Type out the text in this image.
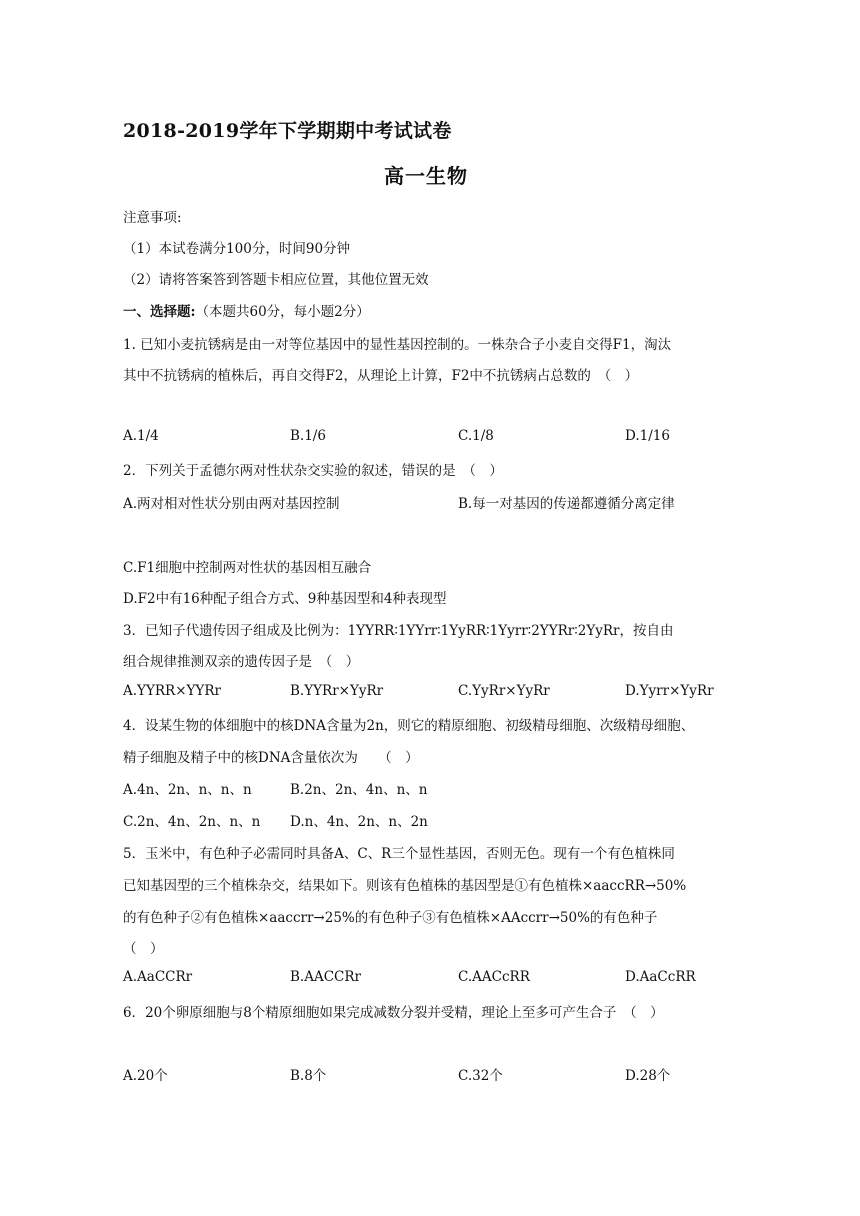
2018-2019学年下学期期中考试试卷
高一生物
注意事项:
（1）本试卷满分100分，时间90分钟
（2）请将答案答到答题卡相应位置，其他位置无效
一、选择题:（本题共60分，每小题2分）
1. 已知小麦抗锈病是由一对等位基因中的显性基因控制的。一株杂合子小麦自交得F1，淘汰
其中不抗锈病的植株后，再自交得F2，从理论上计算，F2中不抗锈病占总数的　（　）
A.1/4	B.1/6	C.1/8	D.1/16
2．下列关于孟德尔两对性状杂交实验的叙述，错误的是　（　）
A.两对相对性状分别由两对基因控制	B.每一对基因的传递都遵循分离定律
C.F1细胞中控制两对性状的基因相互融合
D.F2中有16种配子组合方式、9种基因型和4种表现型
3．已知子代遗传因子组成及比例为：1YYRR∶1YYrr∶1YyRR∶1Yyrr∶2YYRr∶2YyRr，按自由
组合规律推测双亲的遗传因子是　（　）
A.YYRR×YYRr	B.YYRr×YyRr	C.YyRr×YyRr	D.Yyrr×YyRr
4．设某生物的体细胞中的核DNA含量为2n，则它的精原细胞、初级精母细胞、次级精母细胞、
精子细胞及精子中的核DNA含量依次为　　（　）
A.4n、2n、n、n、n	B.2n、2n、4n、n、n
C.2n、4n、2n、n、n D.n、4n、2n、n、2n
5．玉米中，有色种子必需同时具备A、C、R三个显性基因，否则无色。现有一个有色植株同
已知基因型的三个植株杂交，结果如下。则该有色植株的基因型是①有色植株×aaccRR→50%
的有色种子②有色植株×aaccrr→25%的有色种子③有色植株×AAccrr→50%的有色种子
（　）
A.AaCCRr	B.AACCRr	C.AACcRR	D.AaCcRR
6．20个卵原细胞与8个精原细胞如果完成减数分裂并受精，理论上至多可产生合子　（　）
A.20个	B.8个	C.32个	D.28个
